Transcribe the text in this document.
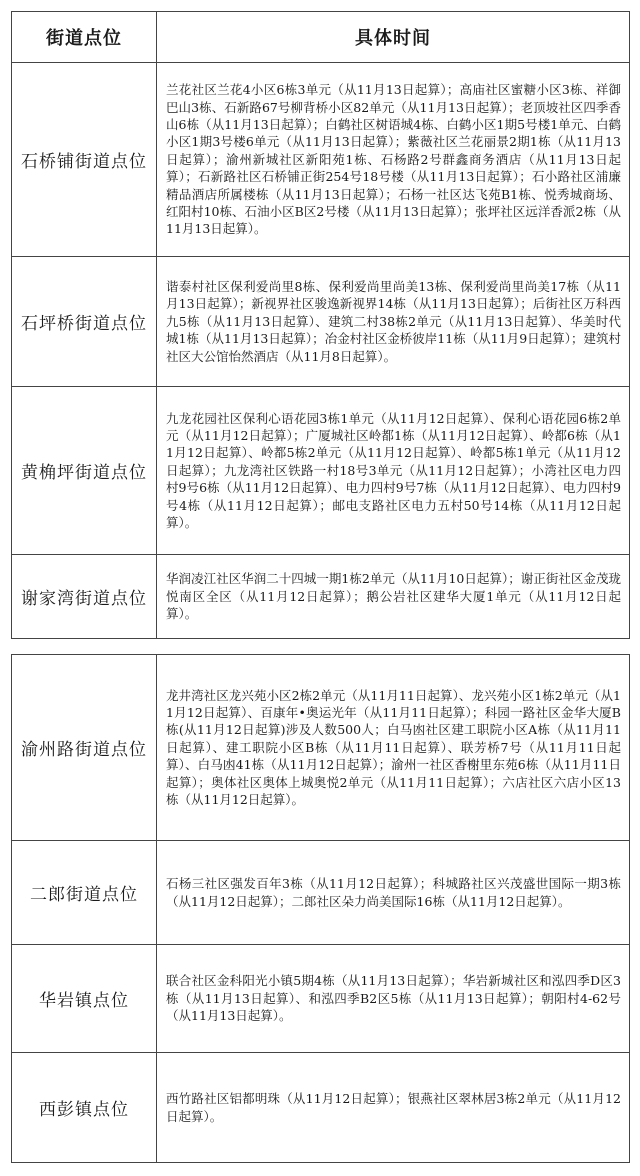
街道点位	具体时间
石桥铺街道点位	兰花社区兰花4小区6栋3单元（从11月13日起算）；高庙社区蜜糖小区3栋、祥御巴山3栋、石新路67号柳背桥小区82单元（从11月13日起算）；老顶坡社区四季香山6栋（从11月13日起算）；白鹤社区树语城4栋、白鹤小区1期5号楼1单元、白鹤小区1期3号楼6单元（从11月13日起算）；紫薇社区兰花丽景2期1栋（从11月13日起算）；渝州新城社区新阳苑1栋、石杨路2号群鑫商务酒店（从11月13日起算）；石新路社区石桥铺正街254号18号楼（从11月13日起算）；石小路社区浦廉精品酒店所属楼栋（从11月13日起算）；石杨一社区达飞苑B1栋、悦秀城商场、红阳村10栋、石油小区B区2号楼（从11月13日起算）；张坪社区远洋香派2栋（从11月13日起算）。
石坪桥街道点位	谐泰村社区保利爱尚里8栋、保利爱尚里尚美13栋、保利爱尚里尚美17栋（从11月13日起算）；新视界社区骏逸新视界14栋（从11月13日起算）；后街社区万科西九5栋（从11月13日起算）、建筑二村38栋2单元（从11月13日起算）、华美时代城1栋（从11月13日起算）；冶金村社区金桥彼岸11栋（从11月9日起算）；建筑村社区大公馆怡然酒店（从11月8日起算）。
黄桷坪街道点位	九龙花园社区保利心语花园3栋1单元（从11月12日起算）、保利心语花园6栋2单元（从11月12日起算）；广厦城社区岭都1栋（从11月12日起算）、岭都6栋（从11月12日起算）、岭都5栋2单元（从11月12日起算）、岭都5栋1单元（从11月12日起算）；九龙湾社区铁路一村18号3单元（从11月12日起算）；小湾社区电力四村9号6栋（从11月12日起算）、电力四村9号7栋（从11月12日起算）、电力四村9号4栋（从11月12日起算）；邮电支路社区电力五村50号14栋（从11月12日起算）。
谢家湾街道点位	华润凌江社区华润二十四城一期1栋2单元（从11月10日起算）；谢正街社区金茂珑悦南区全区（从11月12日起算）；鹅公岩社区建华大厦1单元（从11月12日起算）。
渝州路街道点位	龙井湾社区龙兴苑小区2栋2单元（从11月11日起算）、龙兴苑小区1栋2单元（从11月12日起算）、百康年•奥运光年（从11月11日起算）；科园一路社区金华大厦B栋(从11月12日起算)涉及人数500人；白马凼社区建工职院小区A栋（从11月11日起算）、建工职院小区B栋（从11月11日起算）、联芳桥7号（从11月11日起算）、白马凼41栋（从11月12日起算）；渝州一社区香榭里东苑6栋（从11月11日起算）；奥体社区奥体上城奥悦2单元（从11月11日起算）；六店社区六店小区13栋（从11月12日起算）。
二郎街道点位	石杨三社区强发百年3栋（从11月12日起算）；科城路社区兴茂盛世国际一期3栋（从11月12日起算）；二郎社区朵力尚美国际16栋（从11月12日起算）。
华岩镇点位	联合社区金科阳光小镇5期4栋（从11月13日起算）；华岩新城社区和泓四季D区3栋（从11月13日起算）、和泓四季B2区5栋（从11月13日起算）；朝阳村4-62号（从11月13日起算）。
西彭镇点位	西竹路社区铝都明珠（从11月12日起算）；银燕社区翠林居3栋2单元（从11月12日起算）。
